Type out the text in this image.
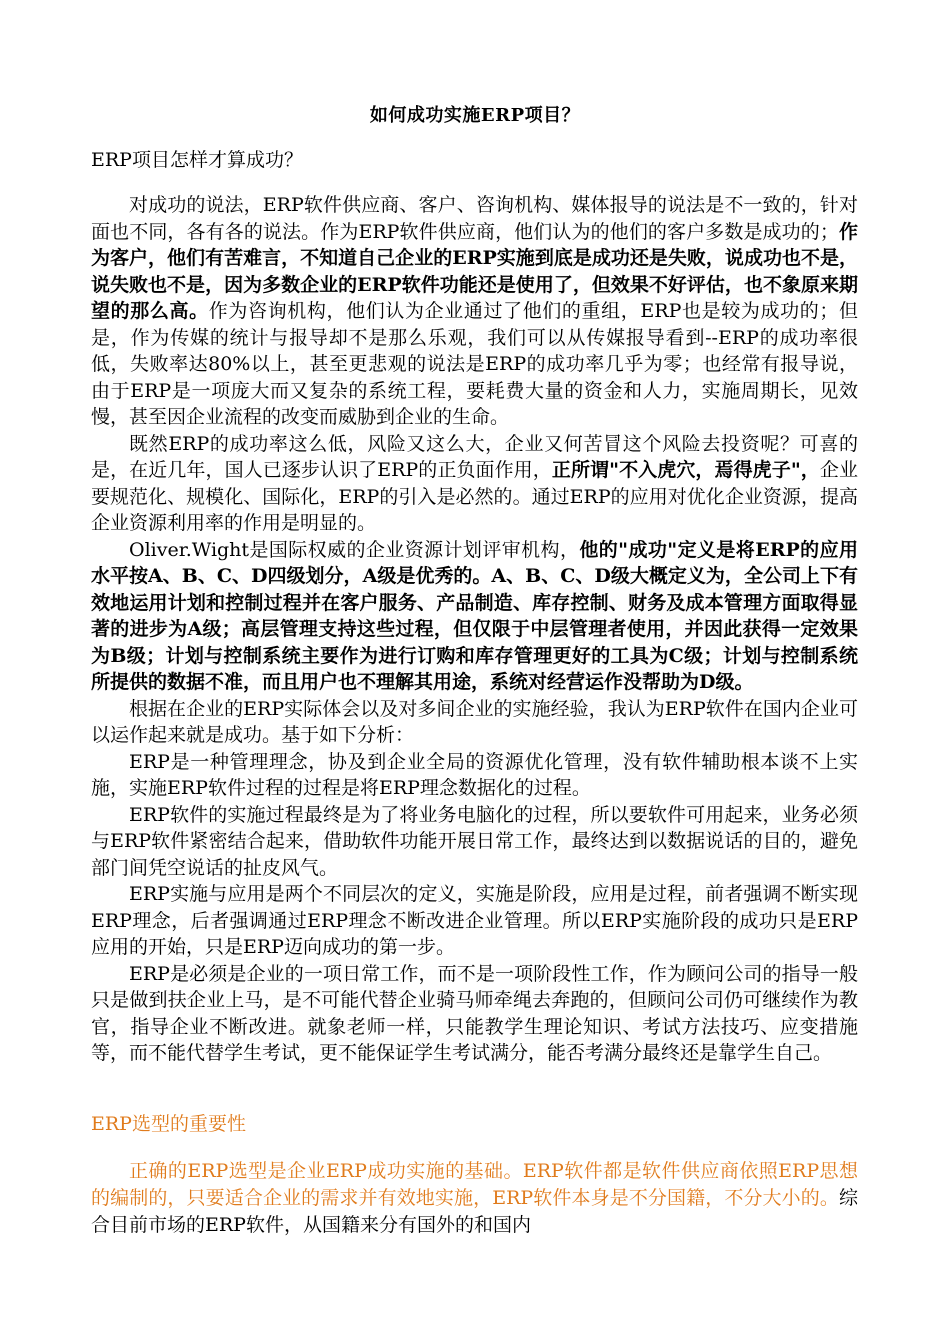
如何成功实施ERP项目？
ERP项目怎样才算成功？

对成功的说法，ERP软件供应商、客户、咨询机构、媒体报导的说法是不一致的，针对面也不同，各有各的说法。作为ERP软件供应商，他们认为的他们的客户多数是成功的；作为客户，他们有苦难言，不知道自己企业的ERP实施到底是成功还是失败，说成功也不是，说失败也不是，因为多数企业的ERP软件功能还是使用了，但效果不好评估，也不象原来期望的那么高。作为咨询机构，他们认为企业通过了他们的重组，ERP也是较为成功的；但是，作为传媒的统计与报导却不是那么乐观，我们可以从传媒报导看到--ERP的成功率很低，失败率达80%以上，甚至更悲观的说法是ERP的成功率几乎为零；也经常有报导说，由于ERP是一项庞大而又复杂的系统工程，要耗费大量的资金和人力，实施周期长，见效慢，甚至因企业流程的改变而威胁到企业的生命。

既然ERP的成功率这么低，风险又这么大，企业又何苦冒这个风险去投资呢？可喜的是，在近几年，国人已逐步认识了ERP的正负面作用，正所谓"不入虎穴，焉得虎子"，企业要规范化、规模化、国际化，ERP的引入是必然的。通过ERP的应用对优化企业资源，提高企业资源利用率的作用是明显的。

Oliver.Wight是国际权威的企业资源计划评审机构，他的"成功"定义是将ERP的应用水平按A、B、C、D四级划分，A级是优秀的。A、B、C、D级大概定义为，全公司上下有效地运用计划和控制过程并在客户服务、产品制造、库存控制、财务及成本管理方面取得显著的进步为A级；高层管理支持这些过程，但仅限于中层管理者使用，并因此获得一定效果为B级；计划与控制系统主要作为进行订购和库存管理更好的工具为C级；计划与控制系统所提供的数据不准，而且用户也不理解其用途，系统对经营运作没帮助为D级。

根据在企业的ERP实际体会以及对多间企业的实施经验，我认为ERP软件在国内企业可以运作起来就是成功。基于如下分析：

ERP是一种管理理念，协及到企业全局的资源优化管理，没有软件辅助根本谈不上实施，实施ERP软件过程的过程是将ERP理念数据化的过程。

ERP软件的实施过程最终是为了将业务电脑化的过程，所以要软件可用起来，业务必须与ERP软件紧密结合起来，借助软件功能开展日常工作，最终达到以数据说话的目的，避免部门间凭空说话的扯皮风气。

ERP实施与应用是两个不同层次的定义，实施是阶段，应用是过程，前者强调不断实现ERP理念，后者强调通过ERP理念不断改进企业管理。所以ERP实施阶段的成功只是ERP应用的开始，只是ERP迈向成功的第一步。

ERP是必须是企业的一项日常工作，而不是一项阶段性工作，作为顾问公司的指导一般只是做到扶企业上马，是不可能代替企业骑马师牵绳去奔跑的，但顾问公司仍可继续作为教官，指导企业不断改进。就象老师一样，只能教学生理论知识、考试方法技巧、应变措施等，而不能代替学生考试，更不能保证学生考试满分，能否考满分最终还是靠学生自己。

ERP选型的重要性

正确的ERP选型是企业ERP成功实施的基础。ERP软件都是软件供应商依照ERP思想的编制的，只要适合企业的需求并有效地实施，ERP软件本身是不分国籍，不分大小的。综合目前市场的ERP软件，从国籍来分有国外的和国内
